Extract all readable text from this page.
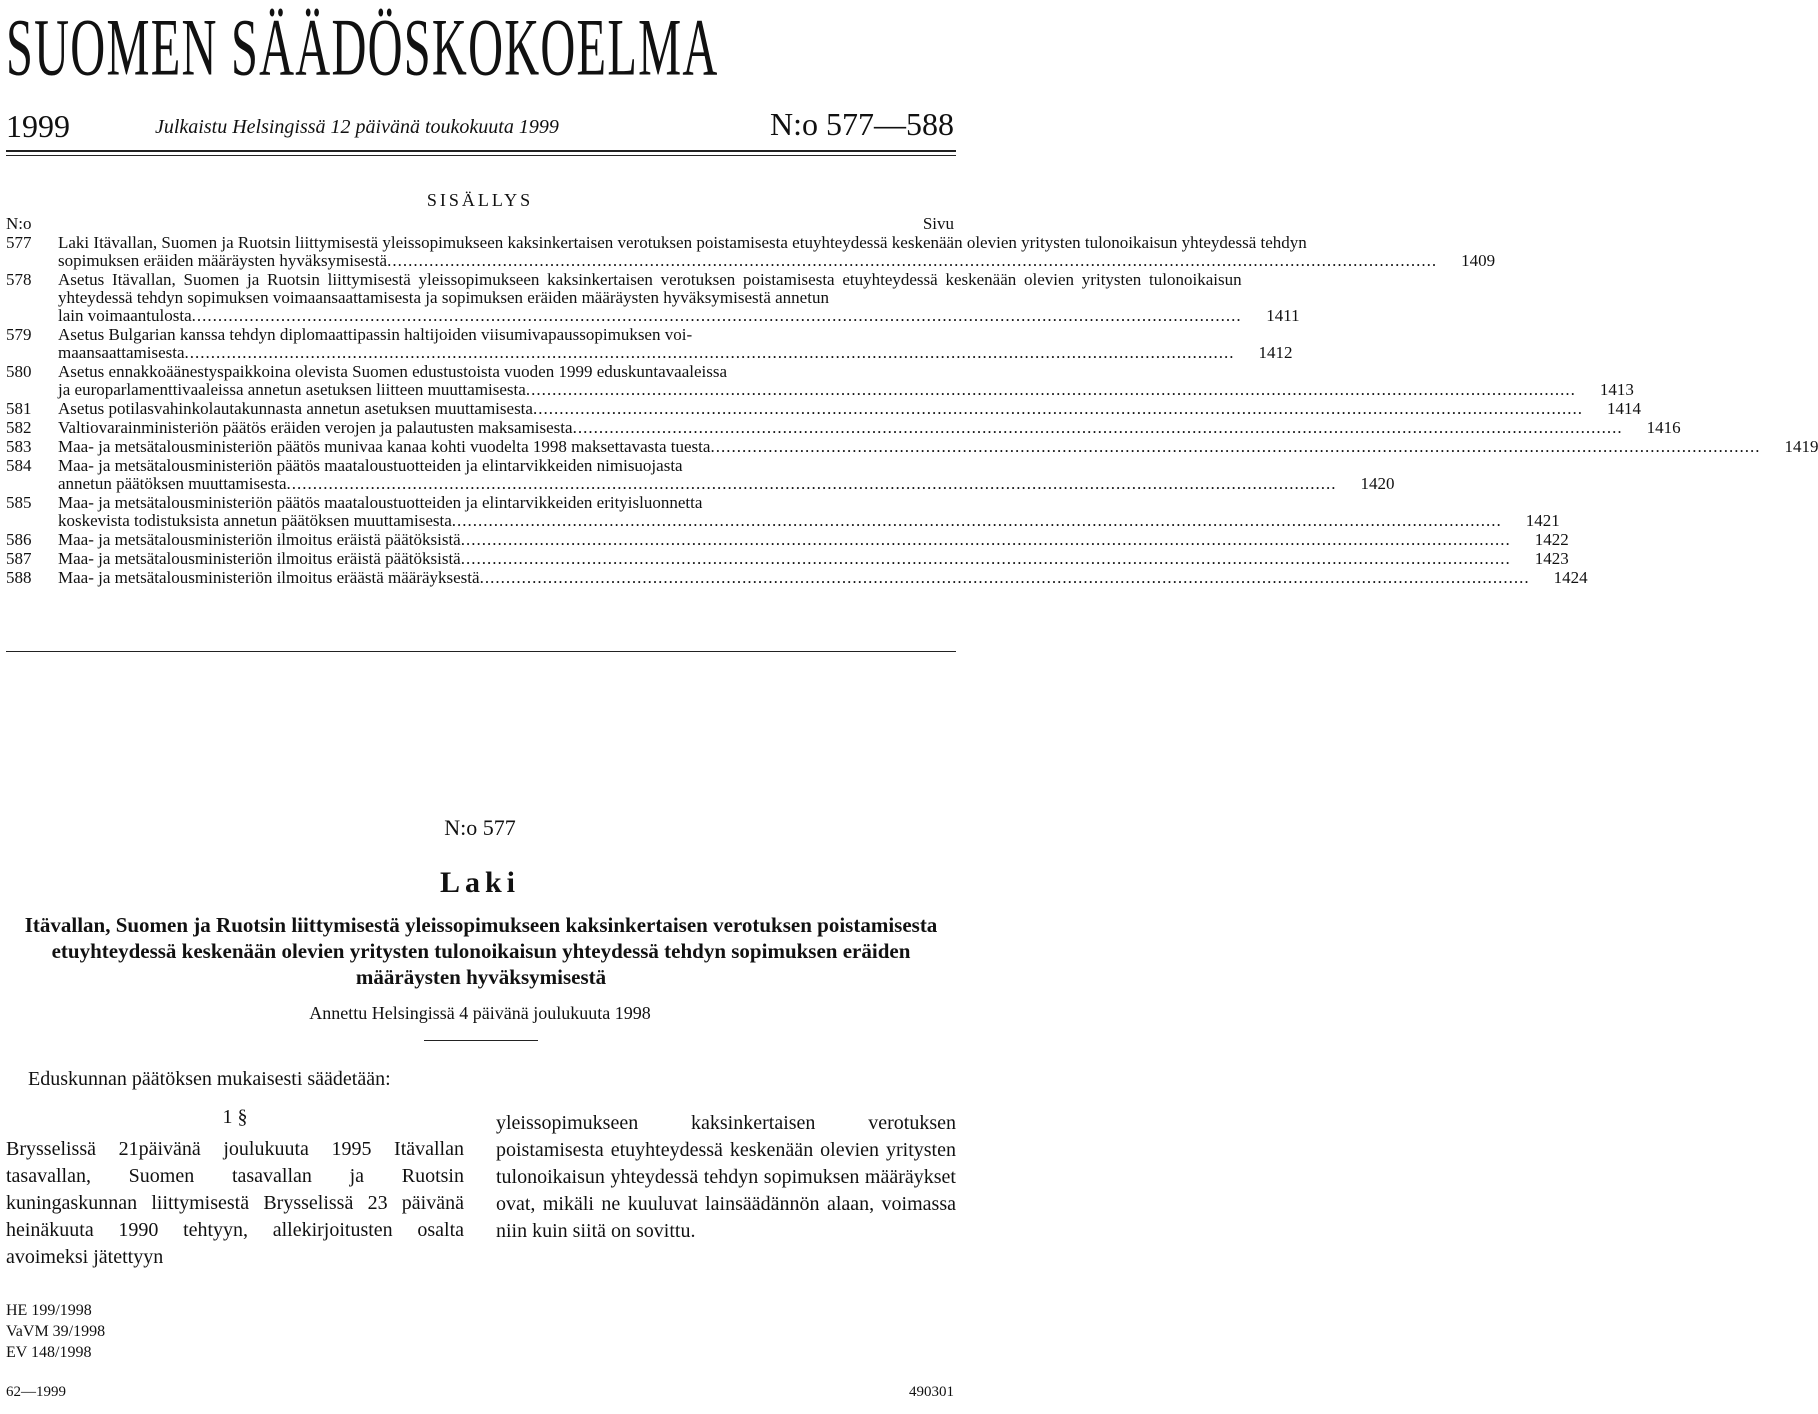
SUOMEN SÄÄDÖSKOKOELMA
1999	Julkaistu Helsingissä 12 päivänä toukokuuta 1999	N:o 577—588
SISÄLLYS
N:o	Sivu
577	Laki Itävallan, Suomen ja Ruotsin liittymisestä yleissopimukseen kaksinkertaisen verotuksen poistamisesta etuyhteydessä keskenään olevien yritysten tulonoikaisun yhteydessä tehdyn
sopimuksen eräiden määräysten hyväksymisestä .....	1409
578	Asetus Itävallan, Suomen ja Ruotsin liittymisestä yleissopimukseen kaksinkertaisen verotuksen poistamisesta etuyhteydessä keskenään olevien yritysten tulonoikaisun yhteydessä tehdyn sopimuksen voimaansaattamisesta ja sopimuksen eräiden määräysten hyväksymisestä annetun
lain voimaantulosta .....	1411
579	Asetus Bulgarian kanssa tehdyn diplomaattipassin haltijoiden viisumivapaussopimuksen voi-
maansaattamisesta .....	1412
580	Asetus ennakkoäänestyspaikkoina olevista Suomen edustustoista vuoden 1999 eduskuntavaaleissa
ja europarlamenttivaaleissa annetun asetuksen liitteen muuttamisesta .....	1413
581	Asetus potilasvahinkolautakunnasta annetun asetuksen muuttamisesta .....	1414
582	Valtiovarainministeriön päätös eräiden verojen ja palautusten maksamisesta .....	1416
583	Maa- ja metsätalousministeriön päätös munivaa kanaa kohti vuodelta 1998 maksettavasta tuesta .....	1419
584	Maa- ja metsätalousministeriön päätös maataloustuotteiden ja elintarvikkeiden nimisuojasta
annetun päätöksen muuttamisesta .....	1420
585	Maa- ja metsätalousministeriön päätös maataloustuotteiden ja elintarvikkeiden erityisluonnetta
koskevista todistuksista annetun päätöksen muuttamisesta .....	1421
586	Maa- ja metsätalousministeriön ilmoitus eräistä päätöksistä .....	1422
587	Maa- ja metsätalousministeriön ilmoitus eräistä päätöksistä .....	1423
588	Maa- ja metsätalousministeriön ilmoitus eräästä määräyksestä .....	1424
N:o 577
Laki
Itävallan, Suomen ja Ruotsin liittymisestä yleissopimukseen kaksinkertaisen verotuksen poistamisesta etuyhteydessä keskenään olevien yritysten tulonoikaisun yhteydessä tehdyn sopimuksen eräiden määräysten hyväksymisestä
Annettu Helsingissä 4 päivänä joulukuuta 1998
Eduskunnan päätöksen mukaisesti säädetään:
1 §
Brysselissä 21päivänä joulukuuta 1995 Itävallan tasavallan, Suomen tasavallan ja Ruotsin kuningaskunnan liittymisestä Brysselissä 23 päivänä heinäkuuta 1990 tehtyyn, allekirjoitusten osalta avoimeksi jätettyyn
yleissopimukseen kaksinkertaisen verotuksen poistamisesta etuyhteydessä keskenään olevien yritysten tulonoikaisun yhteydessä tehdyn sopimuksen määräykset ovat, mikäli ne kuuluvat lainsäädännön alaan, voimassa niin kuin siitä on sovittu.
HE 199/1998
VaVM 39/1998
EV 148/1998
62—1999	490301
